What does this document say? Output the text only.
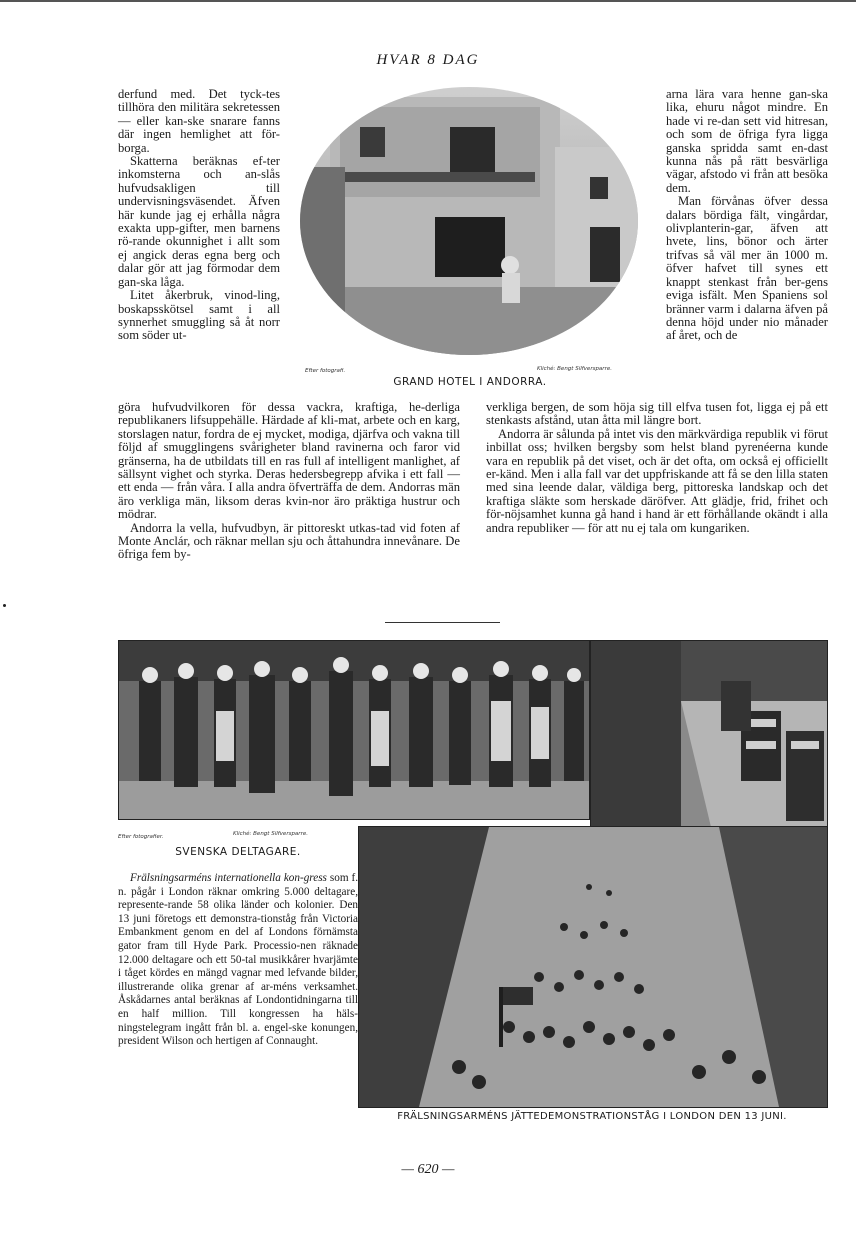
HVAR 8 DAG

derfund med. Det tyck-tes tillhöra den militära sekretessen — eller kan-ske snarare fanns där ingen hemlighet att för-borga.

Skatterna beräknas ef-ter inkomsterna och an-slås hufvudsakligen till undervisningsväsendet. Äfven här kunde jag ej erhålla några exakta upp-gifter, men barnens rö-rande okunnighet i allt som ej angick deras egna berg och dalar gör att jag förmodar dem gan-ska låga.

Litet åkerbruk, vinod-ling, boskapsskötsel samt i all synnerhet smuggling så åt norr som söder ut-

Efter fotografi.	Kliché: Bengt Silfversparre.
GRAND HOTEL I ANDORRA.

arna lära vara henne gan-ska lika, ehuru något mindre. En hade vi re-dan sett vid hitresan, och som de öfriga fyra ligga ganska spridda samt en-dast kunna nås på rätt besvärliga vägar, afstodo vi från att besöka dem.

Man förvånas öfver dessa dalars bördiga fält, vingårdar, olivplanterin-gar, äfven att hvete, lins, bönor och ärter trifvas så väl mer än 1000 m. öfver hafvet till synes ett knappt stenkast från ber-gens eviga isfält. Men Spaniens sol bränner varm i dalarna äfven på denna höjd under nio månader af året, och de

göra hufvudvilkoren för dessa vackra, kraftiga, he-derliga republikaners lifsuppehälle. Härdade af kli-mat, arbete och en karg, storslagen natur, fordra de ej mycket, modiga, djärfva och vakna till följd af smugglingens svårigheter bland ravinerna och faror vid gränserna, ha de utbildats till en ras full af intelligent manlighet, af sällsynt vighet och styrka. Deras hedersbegrepp afvika i ett fall — ett enda — från våra. I alla andra öfverträffa de dem. Andorras män äro verkliga män, liksom deras kvin-nor äro präktiga hustrur och mödrar.

Andorra la vella, hufvudbyn, är pittoreskt utkas-tad vid foten af Monte Anclár, och räknar mellan sju och åttahundra innevånare. De öfriga fem by-

verkliga bergen, de som höja sig till elfva tusen fot, ligga ej på ett stenkasts afstånd, utan åtta mil längre bort.

Andorra är sålunda på intet vis den märkvärdiga republik vi förut inbillat oss; hvilken bergsby som helst bland pyrenéerna kunde vara en republik på det viset, och är det ofta, om också ej officiellt er-känd. Men i alla fall var det uppfriskande att få se den lilla staten med sina leende dalar, väldiga berg, pittoreska landskap och det kraftiga släkte som herskade däröfver. Att glädje, frid, frihet och för-nöjsamhet kunna gå hand i hand är ett förhållande okändt i alla andra republiker — för att nu ej tala om kungariken.

Efter fotografier.	Kliché: Bengt Silfversparre.
SVENSKA DELTAGARE.

Frälsningsarméns internationella kon-gress som f. n. pågår i London räknar omkring 5.000 deltagare, represente-rande 58 olika länder och kolonier. Den 13 juni företogs ett demonstra-tionståg från Victoria Embankment genom en del af Londons förnämsta gator fram till Hyde Park. Processio-nen räknade 12.000 deltagare och ett 50-tal musikkårer hvarjämte i tåget kördes en mängd vagnar med lefvande bilder, illustrerande olika grenar af ar-méns verksamhet. Åskådarnes antal beräknas af Londontidningarna till en half million. Till kongressen ha häls-ningstelegram ingått från bl. a. engel-ske konungen, president Wilson och hertigen af Connaught.

FRÄLSNINGSARMÉNS JÄTTEDEMONSTRATIONSTÅG I LONDON DEN 13 JUNI.
— 620 —
